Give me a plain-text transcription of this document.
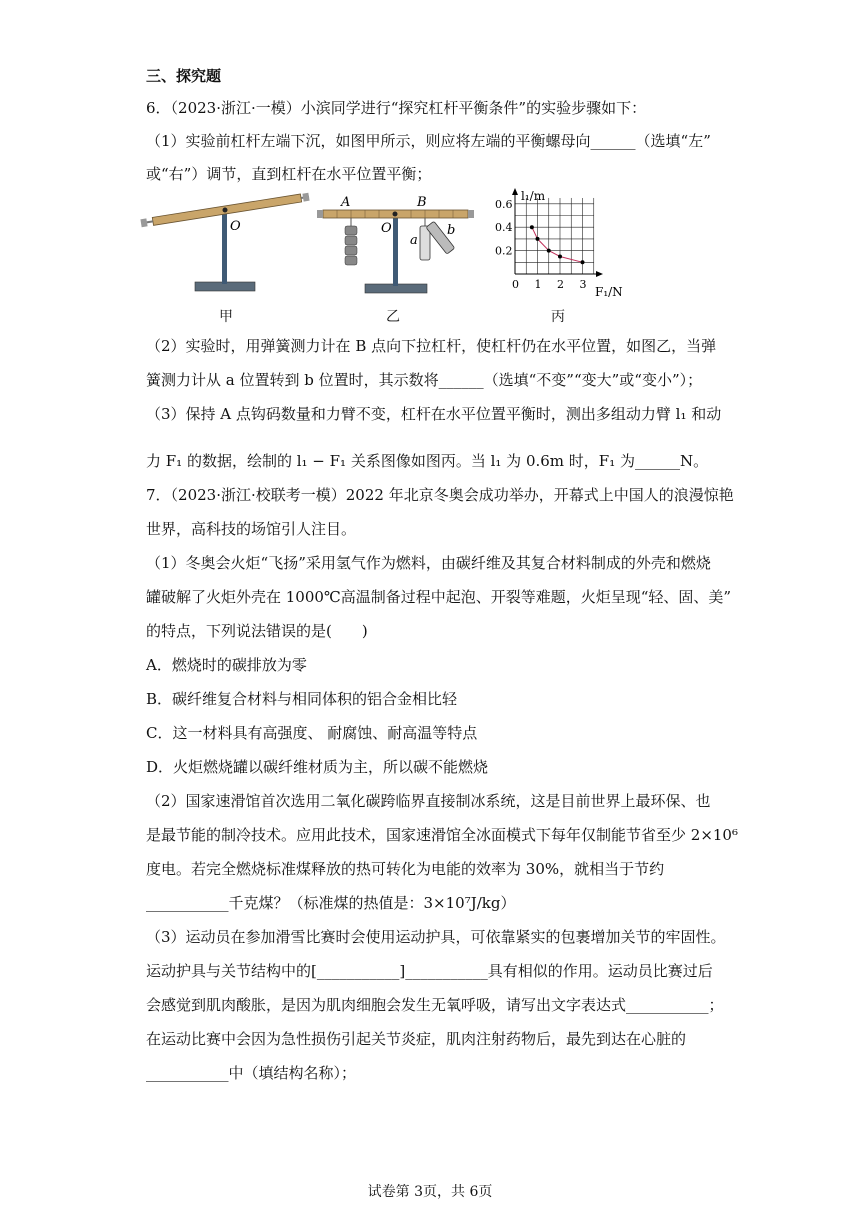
三、探究题
6．（2023·浙江·一模）小滨同学进行“探究杠杆平衡条件”的实验步骤如下：
（1）实验前杠杆左端下沉，如图甲所示，则应将左端的平衡螺母向______（选填“左”
或“右”）调节，直到杠杆在水平位置平衡；
O
甲
A	B
O
a
b
乙
0.6
0.4
0.2
0 1 2 3
l₁/m
F₁/N
丙
（2）实验时，用弹簧测力计在 B 点向下拉杠杆，使杠杆仍在水平位置，如图乙，当弹
簧测力计从 a 位置转到 b 位置时，其示数将______（选填“不变”“变大”或“变小”）；
（3）保持 A 点钩码数量和力臂不变，杠杆在水平位置平衡时，测出多组动力臂 l₁ 和动
力 F₁ 的数据，绘制的 l₁ − F₁ 关系图像如图丙。当 l₁ 为 0.6m 时，F₁ 为______N。
7．（2023·浙江·校联考一模）2022 年北京冬奥会成功举办，开幕式上中国人的浪漫惊艳
世界，高科技的场馆引人注目。
（1）冬奥会火炬“飞扬”采用氢气作为燃料，由碳纤维及其复合材料制成的外壳和燃烧
罐破解了火炬外壳在 1000℃高温制备过程中起泡、开裂等难题，火炬呈现“轻、固、美”
的特点，下列说法错误的是(　　)
A．燃烧时的碳排放为零
B．碳纤维复合材料与相同体积的铝合金相比轻
C．这一材料具有高强度、 耐腐蚀、耐高温等特点
D．火炬燃烧罐以碳纤维材质为主，所以碳不能燃烧
（2）国家速滑馆首次选用二氧化碳跨临界直接制冰系统，这是目前世界上最环保、也
是最节能的制冷技术。应用此技术，国家速滑馆全冰面模式下每年仅制能节省至少 2×10⁶
度电。若完全燃烧标准煤释放的热可转化为电能的效率为 30%，就相当于节约
___________千克煤？（标准煤的热值是：3×10⁷J/kg）
（3）运动员在参加滑雪比赛时会使用运动护具，可依靠紧实的包裹增加关节的牢固性。
运动护具与关节结构中的[___________]___________具有相似的作用。运动员比赛过后
会感觉到肌肉酸胀，是因为肌肉细胞会发生无氧呼吸，请写出文字表达式___________；
在运动比赛中会因为急性损伤引起关节炎症，肌肉注射药物后，最先到达在心脏的
___________中（填结构名称）；
试卷第 3页，共 6页
